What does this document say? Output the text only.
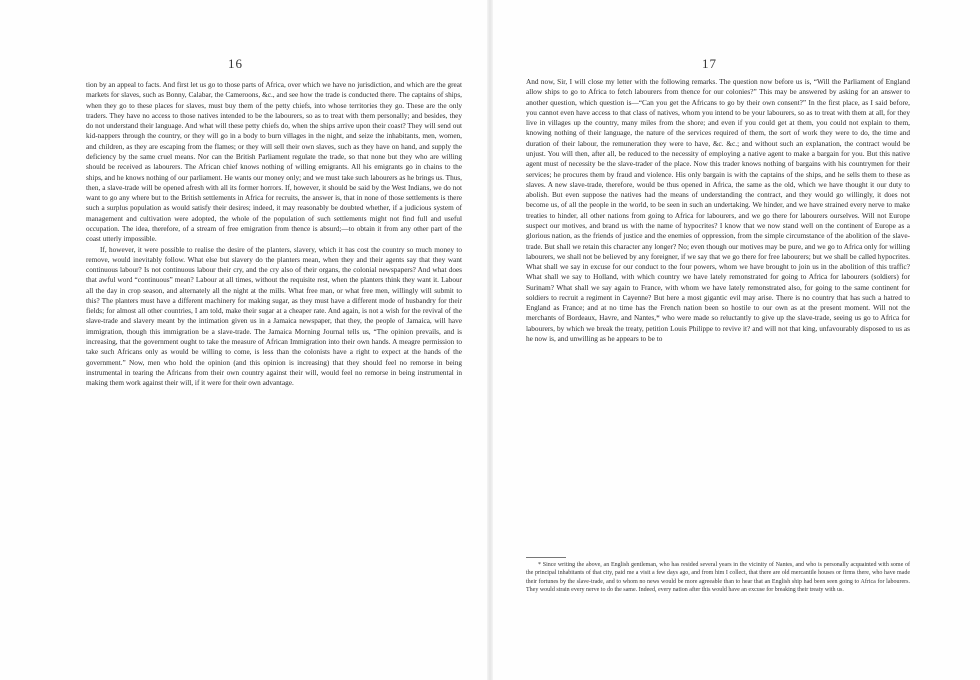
16

tion by an appeal to facts. And first let us go to those parts of Africa, over which we have no jurisdiction, and which are the great markets for slaves, such as Bonny, Calabar, the Cameroons, &c., and see how the trade is conducted there. The captains of ships, when they go to these places for slaves, must buy them of the petty chiefs, into whose territories they go. These are the only traders. They have no access to those natives intended to be the labourers, so as to treat with them personally; and besides, they do not understand their language. And what will these petty chiefs do, when the ships arrive upon their coast? They will send out kid-nappers through the country, or they will go in a body to burn villages in the night, and seize the inhabitants, men, women, and children, as they are escaping from the flames; or they will sell their own slaves, such as they have on hand, and supply the deficiency by the same cruel means. Nor can the British Parliament regulate the trade, so that none but they who are willing should be received as labourers. The African chief knows nothing of willing emigrants. All his emigrants go in chains to the ships, and he knows nothing of our parliament. He wants our money only; and we must take such labourers as he brings us. Thus, then, a slave-trade will be opened afresh with all its former horrors. If, however, it should be said by the West Indians, we do not want to go any where but to the British settlements in Africa for recruits, the answer is, that in none of those settlements is there such a surplus population as would satisfy their desires; indeed, it may reasonably be doubted whether, if a judicious system of management and cultivation were adopted, the whole of the population of such settlements might not find full and useful occupation. The idea, therefore, of a stream of free emigration from thence is absurd;—to obtain it from any other part of the coast utterly impossible.

If, however, it were possible to realise the desire of the planters, slavery, which it has cost the country so much money to remove, would inevitably follow. What else but slavery do the planters mean, when they and their agents say that they want continuous labour? Is not continuous labour their cry, and the cry also of their organs, the colonial newspapers? And what does that awful word “continuous” mean? Labour at all times, without the requisite rest, when the planters think they want it. Labour all the day in crop season, and alternately all the night at the mills. What free man, or what free men, willingly will submit to this? The planters must have a different machinery for making sugar, as they must have a different mode of husbandry for their fields; for almost all other countries, I am told, make their sugar at a cheaper rate. And again, is not a wish for the revival of the slave-trade and slavery meant by the intimation given us in a Jamaica newspaper, that they, the people of Jamaica, will have immigration, though this immigration be a slave-trade. The Jamaica Morning Journal tells us, “The opinion prevails, and is increasing, that the government ought to take the measure of African Immigration into their own hands. A meagre permission to take such Africans only as would be willing to come, is less than the colonists have a right to expect at the hands of the government.” Now, men who hold the opinion (and this opinion is increasing) that they should feel no remorse in being instrumental in tearing the Africans from their own country against their will, would feel no remorse in being instrumental in making them work against their will, if it were for their own advantage.

17

And now, Sir, I will close my letter with the following remarks. The question now before us is, “Will the Parliament of England allow ships to go to Africa to fetch labourers from thence for our colonies?” This may be answered by asking for an answer to another question, which question is—“Can you get the Africans to go by their own consent?” In the first place, as I said before, you cannot even have access to that class of natives, whom you intend to be your labourers, so as to treat with them at all, for they live in villages up the country, many miles from the shore; and even if you could get at them, you could not explain to them, knowing nothing of their language, the nature of the services required of them, the sort of work they were to do, the time and duration of their labour, the remuneration they were to have, &c. &c.; and without such an explanation, the contract would be unjust. You will then, after all, be reduced to the necessity of employing a native agent to make a bargain for you. But this native agent must of necessity be the slave-trader of the place. Now this trader knows nothing of bargains with his countrymen for their services; he procures them by fraud and violence. His only bargain is with the captains of the ships, and he sells them to these as slaves. A new slave-trade, therefore, would be thus opened in Africa, the same as the old, which we have thought it our duty to abolish. But even suppose the natives had the means of understanding the contract, and they would go willingly, it does not become us, of all the people in the world, to be seen in such an undertaking. We hinder, and we have strained every nerve to make treaties to hinder, all other nations from going to Africa for labourers, and we go there for labourers ourselves. Will not Europe suspect our motives, and brand us with the name of hypocrites? I know that we now stand well on the continent of Europe as a glorious nation, as the friends of justice and the enemies of oppression, from the simple circumstance of the abolition of the slave-trade. But shall we retain this character any longer? No; even though our motives may be pure, and we go to Africa only for willing labourers, we shall not be believed by any foreigner, if we say that we go there for free labourers; but we shall be called hypocrites. What shall we say in excuse for our conduct to the four powers, whom we have brought to join us in the abolition of this traffic? What shall we say to Holland, with which country we have lately remonstrated for going to Africa for labourers (soldiers) for Surinam? What shall we say again to France, with whom we have lately remonstrated also, for going to the same continent for soldiers to recruit a regiment in Cayenne? But here a most gigantic evil may arise. There is no country that has such a hatred to England as France; and at no time has the French nation been so hostile to our own as at the present moment. Will not the merchants of Bordeaux, Havre, and Nantes,* who were made so reluctantly to give up the slave-trade, seeing us go to Africa for labourers, by which we break the treaty, petition Louis Philippe to revive it? and will not that king, unfavourably disposed to us as he now is, and unwilling as he appears to be to

* Since writing the above, an English gentleman, who has resided several years in the vicinity of Nantes, and who is personally acquainted with some of the principal inhabitants of that city, paid me a visit a few days ago, and from him I collect, that there are old mercantile houses or firms there, who have made their fortunes by the slave-trade, and to whom no news would be more agreeable than to hear that an English ship had been seen going to Africa for labourers. They would strain every nerve to do the same. Indeed, every nation after this would have an excuse for breaking their treaty with us.
